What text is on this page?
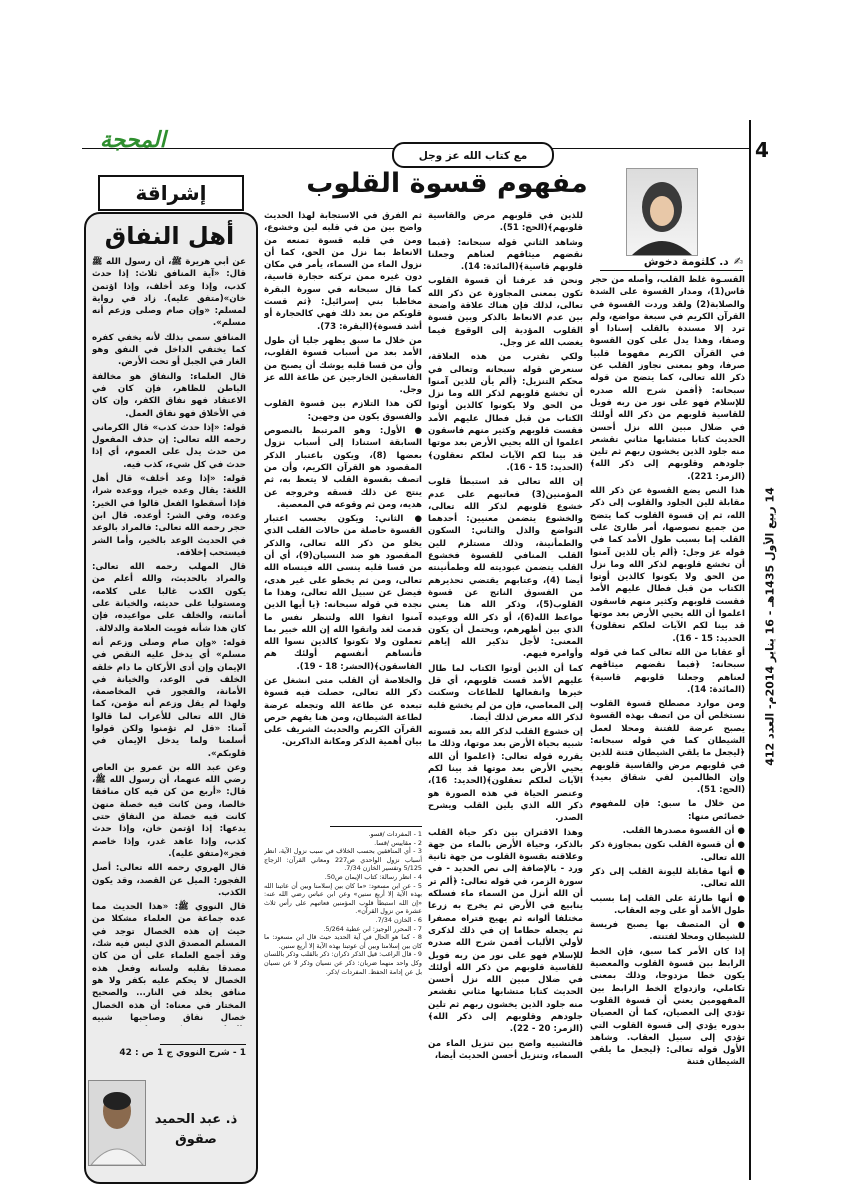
4
14 ربيع الأول 1435هـ - 16 يناير 2014م- العدد 412
المحجة
مع كتاب الله عز وجل
مفهوم قسوة القلوب
✍ د. كلثومة دخوش

القسـوة غلظ القلب، وأصله من حجر قاس(1)، ومدار القسوة على الشدة والصلابة(2) ولقد وردت القسوة في القرآن الكريم في سبعة مواضع، ولم ترد إلا مسندة بالقلب إسنادا أو وصفا، وهذا يدل على كون القسوة في القرآن الكريم مفهوما قلبيا صرفا، وهو بمعنى نجاوز القلب عن ذكر الله تعالى، كما يتضح من قوله سبحانه: ﴿أفمن شرح الله صدره للإسلام فهو على نور من ربه فويل للقاسية قلوبهم من ذكر الله أولئك في ضلال مبين الله نزل أحسن الحديث كتابا متشابها مثاني تقشعر منه جلود الذين يخشون ربهم ثم تلين جلودهم وقلوبهم إلى ذكر الله﴾(الزمر: 221).

هذا النص يضع القسوة عن ذكر الله مقابلة للين الجلود والقلوب إلى ذكر الله، ثم إن قسوة القلوب كما يتضح من جميع نصوصها، أمر طارئ على القلب إما بسبب طول الأمد كما في قوله عز وجل: ﴿ألم يأن للذين آمنوا أن تخشع قلوبهم لذكر الله وما نزل من الحق ولا يكونوا كالذين أوتوا الكتاب من قبل فطال عليهم الأمد فقست قلوبهم وكثير منهم فاسقون اعلموا أن الله يحيي الأرض بعد موتها قد بينا لكم الآيات لعلكم تعقلون﴾ الحديد: 15 - 16).

أو عقابا من الله تعالى كما في قوله سبحانه: ﴿فبما نقضهم ميثاقهم لعناهم وجعلنا قلوبهم قاسية﴾ (المائدة: 14).

ومن موارد مصطلح قسوة القلوب نستخلص أن من اتصف بهذه القسوة يصبح عرضة للفتنة ومحلا لعمل الشيطان كما في قوله سبحانه: ﴿ليجعل ما يلقي الشيطان فتنة للذين في قلوبهم مرض والقاسية قلوبهم وإن الظالمين لفي شقاق بعيد﴾(الحج: 51).

من خلال ما سبق: فإن للمفهوم خصائص منها:

● أن القسوة مصدرها القلب.

● أن قسوة القلب تكون بمجاوزة ذكر الله تعالى.

● أنها مقابلة لليونة القلب إلى ذكر الله تعالى.

● أنها طارئة على القلب إما بسبب طول الأمد أو على وجه العقاب.

● أن المتصف بها يصبح فريسة للشيطان ومحلا لفتنته.

إذا كان الأمر كما سبق، فإن الخط الرابط بين قسوة القلوب والمعصية يكون خطا مزدوجا، وذلك بمعنى تكاملي، وازدواج الخط الرابط بين المفهومين يعني أن قسوة القلوب تؤدي إلى العصيان، كما أن العصيان بدوره يؤدي إلى قسوة القلوب التي تؤدي إلى سبيل العقاب. وشاهد الأول قوله تعالى: ﴿ليجعل ما يلقي الشيطان فتنة

للذين في قلوبهم مرض والقاسية قلوبهم﴾(الحج: 51).

وشاهد الثاني قوله سبحانه: ﴿فبما نقضهم ميثاقهم لعناهم وجعلنا قلوبهم قاسية﴾(المائدة: 14).

ونحن قد عرفنا أن قسوة القلوب تكون بمعنى المجاوزة عن ذكر الله تعالى، لذلك فإن هناك علاقة واضحة بين عدم الانعاظ بالذكر وبين قسوة القلوب المؤدية إلى الوقوع فيما يغضب الله عز وجل.

ولكي نقترب من هذه العلاقة، سنعرض قوله سبحانه وتعالى في محكم التنزيل: ﴿ألم يأن للذين آمنوا أن تخشع قلوبهم لذكر الله وما نزل من الحق ولا يكونوا كالذين أوتوا الكتاب من قبل فطال عليهم الأمد فقست قلوبهم وكثير منهم فاسقون اعلموا أن الله يحيي الأرض بعد موتها قد بينا لكم الآيات لعلكم تعقلون﴾ (الحديد: 15 - 16).

إن الله تعالى قد استبطأ قلوب المؤمنين(3) فعاتبهم على عدم خشوع قلوبهم لذكر الله تعالى، والخشوع يتضمن معنيين: أحدهما التواضع والذل والثاني: السكون والطمأنينة، وذلك مستلزم للين القلب المنافي للقسوة فخشوع القلب يتضمن عبوديته لله وطمأنينته أيضا (4)، وعتابهم يقتضي تحذيرهم من الفسوق الناتج عن قسوة القلوب(5)، وذكر الله هنا يعني مواعظ الله(6)، أو ذكر الله ووعيده الذي بين أظهرهم، ويحتمل أن يكون المعنى: لأجل تذكير الله إياهم وأوامره فيهم.

كما أن الذين أوتوا الكتاب لما طال عليهم الأمد قست قلوبهم، أي قل خيرها وانفعالها للطاعات وسكنت إلى المعاصي، فإن من لم يخشع قلبه لذكر الله معرض لذلك أيضا.

إن خشوع القلب لذكر الله بعد قسوته شبيه بحياة الأرض بعد موتها، وذلك ما يقرره قوله تعالى: ﴿اعلموا أن الله يحيي الأرض بعد موتها قد بينا لكم الآيات لعلكم تعقلون﴾(الحديد: 16)، وعنصر الحياة في هذه الصورة هو ذكر الله الذي يلين القلب ويشرح الصدر.

وهذا الاقتران بين ذكر حياة القلب بالذكر، وحياة الأرض بالماء من جهة وعلاقته بقسوة القلوب من جهة ثانية ورد - بالإضافة إلى نص الحديد - في سورة الزمر، في قوله تعالى: ﴿ألم تر أن الله أنزل من السماء ماء فسلكه ينابيع في الأرض ثم يخرج به زرعا مختلفا ألوانه ثم يهيج فتراه مصفرا ثم يجعله حطاما إن في ذلك لذكرى لأولي الألباب أفمن شرح الله صدره للإسلام فهو على نور من ربه فويل للقاسية قلوبهم من ذكر الله أولئك في ضلال مبين الله نزل أحسن الحديث كتابا متشابها مثاني تقشعر منه جلود الذين يخشون ربهم ثم تلين جلودهم وقلوبهم إلى ذكر الله﴾(الزمر: 20 - 22).

فالتشبيه واضح بين تنزيل الماء من السماء، وتنزيل أحسن الحديث أيضا،

ثم الفرق في الاستجابة لهذا الحديث واضح بين من في قلبه لين وخشوع، ومن في قلبه قسوة تمنعه من الانعاظ بما نزل من الحق، كما أن نزول الماء من السماء، يأمر في مكان دون غيره ممن تركته حجارة قاسية، كما قال سبحانه في سورة البقرة مخاطبا بني إسرائيل: ﴿ثم قست قلوبكم من بعد ذلك فهي كالحجارة أو أشد قسوة﴾(البقرة: 73).

من خلال ما سبق يظهر جليا أن طول الأمد بعد من أسباب قسوة القلوب، وأن من قسا قلبه يوشك أن يصبح من الفاسقين الخارجين عن طاعة الله عز وجل.

لكن هذا التلازم بين قسوة القلوب والفسوق يكون من وجهين:

● الأول: وهو المرتبط بالنصوص السابقة استنادا إلى أسباب نزول بعضها (8)، ويكون باعتبار الذكر المقصود هو القرآن الكريم، وأن من اتصف بقسوة القلب لا يتعظ به، ثم ينتج عن ذلك فسقه وخروجه عن هديه، ومن ثم وقوعه في المعصية.

● الثاني: ويكون بحسب اعتبار القسوة حاصلة من حالات القلب الذي يخلو من ذكر الله تعالى، والذكر المقصود هو ضد النسيان(9)، أي أن من قسا قلبه ينسى الله فينساه الله تعالى، ومن ثم يخطو على غير هدى، فيضل عن سبيل الله تعالى، وهذا ما نجده في قوله سبحانه: ﴿يا أيها الذين آمنوا اتقوا الله ولتنظر نفس ما قدمت لغد واتقوا الله إن الله خبير بما تعملون ولا تكونوا كالذين نسوا الله فأنساهم أنفسهم أولئك هم الفاسقون﴾(الحشر: 18 - 19).

والخلاصة أن القلب متى انشغل عن ذكر الله تعالى، حصلت فيه قسوة تبعده عن طاعة الله وتجعله عرضة لطاعة الشيطان، ومن هنا يفهم حرص القرآن الكريم والحديث الشريف على بيان أهمية الذكر ومكانة الذاكرين.

1 - المفردات /قسو.
2 - مقاييس /قسا.
3 - أي المنافقين بحسب الخلاف في سبب نزول الآية، انظر أسباب نزول الواحدي ص227 ومعاني القرآن: الزجاج 5/125 وتفسير الخازن 7/34.
4 - انظر رسالة: كتاب الإيمان ص50.
5 - عن ابن مسعود: «ما كان بين إسلامنا وبين أن عاتبنا الله بهذه الآية إلا أربع سنين» وعن ابن عباس رضي الله عنه: «إن الله استبطأ قلوب المؤمنين فعاتبهم على رأس ثلاث عشرة من نزول القرآن».
6 - الخازن 7/34.
7 - المحرر الوجيز: ابن عطية 5/264.
8 - كما هو الحال في آية الحديد حيث قال ابن مسعود: ما كان بين إسلامنا وبين أن عوتبنا بهذه الآية إلا أربع سنين.
9 - قال الراغب: قيل الذكر ذكران: ذكر بالقلب وذكر باللسان وكل واحد منهما ضربان: ذكر عن نسيان وذكر لا عن نسيان بل عن إدامة الحفظ. المفردات /ذكر.
إشراقة
أهل النفاق

عن أبي هريرة ﷺ، أن رسول الله ﷺ قال: «آية المنافق ثلاث: إذا حدث كذب، وإذا وعد أخلف، وإذا اؤتمن خان»(متفق عليه). زاد في رواية لمسلم: «وإن صام وصلى وزعم أنه مسلم».

المنافق سمي بذلك لأنه يخفي كفره كما يختفي الداخل في النفق وهو الغار في الجبل أو تحت الأرض.

قال العلماء: والنفاق هو مخالفة الباطن للظاهر، فإن كان في الاعتقاد فهو نفاق الكفر، وإن كان في الأخلاق فهو نفاق العمل.

قوله: «إذا حدث كذب» قال الكرماني رحمه الله تعالى: إن حذف المفعول من حدث يدل على العموم، أي إذا حدث في كل شيء، كذب فيه.

قوله: «إذا وعد أخلف» قال أهل اللغة: يقال وعده خيرا، ووعده شرا، فإذا أسقطوا الفعل قالوا في الخير: وعده، وفي الشر: أوعده. قال ابن حجر رحمه الله تعالى: فالمراد بالوعد في الحديث الوعد بالخير، وأما الشر فيستحب إخلافه.

قال المهلب رحمه الله تعالى: والمراد بالحديث، والله أعلم من يكون الكذب غالبا على كلامه، ومستوليا على حديثه، والخيانة على أمانته، والخلف على مواعيده، فإن كان هذا شأنه فويت العلامة والدلالة.

قوله: «وإن صام وصلى وزعم أنه مسلم» أي يدخل عليه النقص في الإيمان وإن أدى الأركان ما دام خلقه الخلف في الوعد، والخيانة في الأمانة، والفجور في المخاصمة، ولهذا لم يقل وزعم أنه مؤمن، كما قال الله تعالى للأعراب لما قالوا آمنا: «قل لم تؤمنوا ولكن قولوا أسلمنا ولما يدخل الإيمان في قلوبكم».

وعن عبد الله بن عمرو بن العاص رضي الله عنهما، أن رسول الله ﷺ، قال: «أربع من كن فيه كان منافقا خالصا، ومن كانت فيه خصلة منهن كانت فيه خصلة من النفاق حتى يدعها: إذا اؤتمن خان، وإذا حدث كذب، وإذا عاهد غدر، وإذا خاصم فجر»(متفق عليه).

قال الهروي رحمه الله تعالى: أصل الفجور: الميل عن القصد، وقد يكون الكذب.

قال النووي ﷺ: «هذا الحديث مما عده جماعة من العلماء مشكلا من حيث إن هذه الخصال توجد في المسلم المصدق الذي ليس فيه شك، وقد أجمع العلماء على أن من كان مصدقا بقلبه ولسانه وفعل هذه الخصال لا يحكم عليه بكفر ولا هو منافق يخلد في النار... والصحيح المختار في معناه: أن هذه الخصال خصال نفاق وصاحبها شبيه

1 - شرح النووي ج 1 ص : 42
ذ. عبد الحميد صقوق
